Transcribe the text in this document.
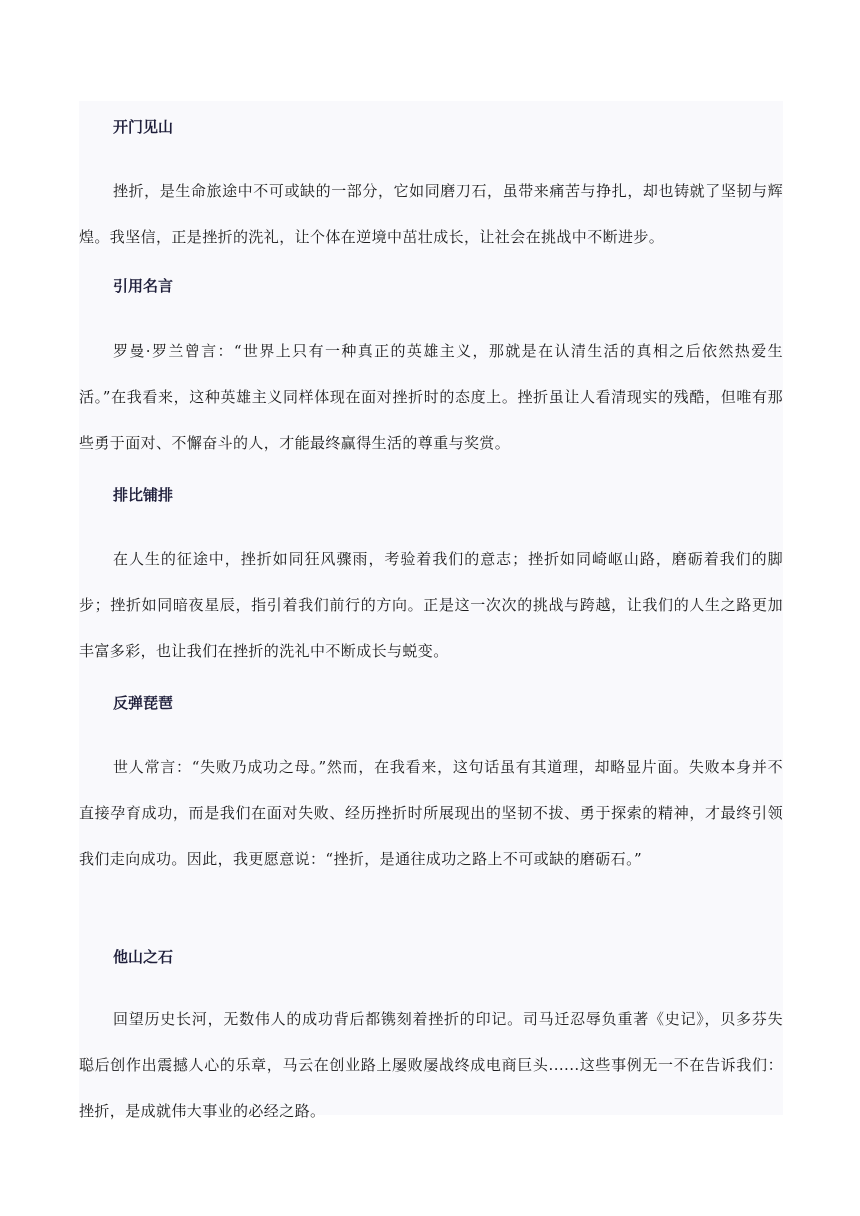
开门见山

挫折，是生命旅途中不可或缺的一部分，它如同磨刀石，虽带来痛苦与挣扎，却也铸就了坚韧与辉煌。我坚信，正是挫折的洗礼，让个体在逆境中茁壮成长，让社会在挑战中不断进步。

引用名言

罗曼·罗兰曾言：“世界上只有一种真正的英雄主义，那就是在认清生活的真相之后依然热爱生活。”在我看来，这种英雄主义同样体现在面对挫折时的态度上。挫折虽让人看清现实的残酷，但唯有那些勇于面对、不懈奋斗的人，才能最终赢得生活的尊重与奖赏。

排比铺排

在人生的征途中，挫折如同狂风骤雨，考验着我们的意志；挫折如同崎岖山路，磨砺着我们的脚步；挫折如同暗夜星辰，指引着我们前行的方向。正是这一次次的挑战与跨越，让我们的人生之路更加丰富多彩，也让我们在挫折的洗礼中不断成长与蜕变。

反弹琵琶

世人常言：“失败乃成功之母。”然而，在我看来，这句话虽有其道理，却略显片面。失败本身并不直接孕育成功，而是我们在面对失败、经历挫折时所展现出的坚韧不拔、勇于探索的精神，才最终引领我们走向成功。因此，我更愿意说：“挫折，是通往成功之路上不可或缺的磨砺石。”

他山之石

回望历史长河，无数伟人的成功背后都镌刻着挫折的印记。司马迁忍辱负重著《史记》，贝多芬失聪后创作出震撼人心的乐章，马云在创业路上屡败屡战终成电商巨头......这些事例无一不在告诉我们：挫折，是成就伟大事业的必经之路。
